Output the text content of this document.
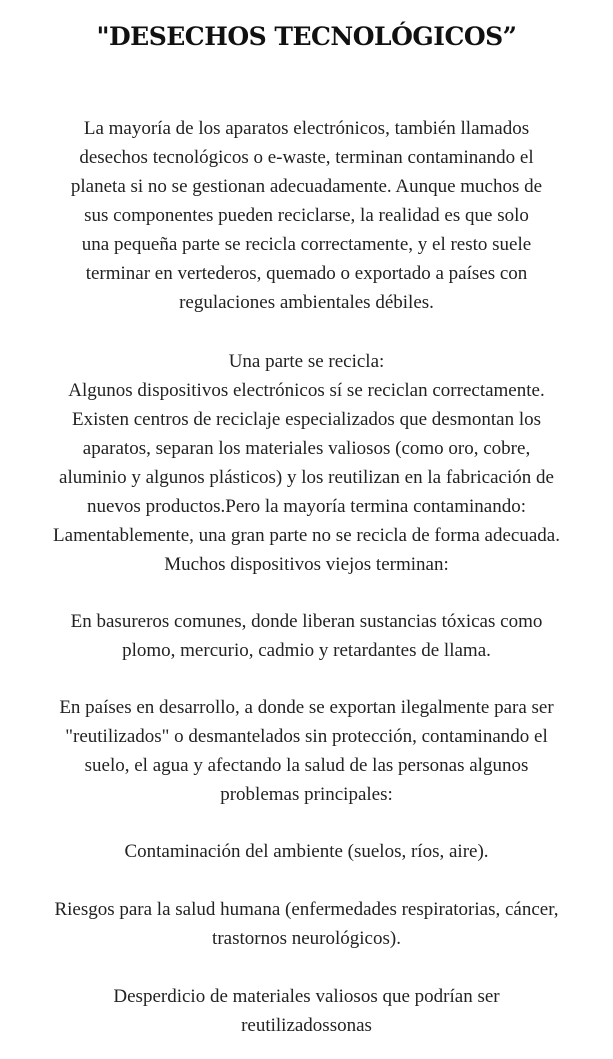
"DESECHOS TECNOLÓGICOS”

La mayoría de los aparatos electrónicos, también llamados
desechos tecnológicos o e-waste, terminan contaminando el
planeta si no se gestionan adecuadamente. Aunque muchos de
sus componentes pueden reciclarse, la realidad es que solo
una pequeña parte se recicla correctamente, y el resto suele
terminar en vertederos, quemado o exportado a países con
regulaciones ambientales débiles.

Una parte se recicla:
Algunos dispositivos electrónicos sí se reciclan correctamente.
Existen centros de reciclaje especializados que desmontan los
aparatos, separan los materiales valiosos (como oro, cobre,
aluminio y algunos plásticos) y los reutilizan en la fabricación de
nuevos productos.Pero la mayoría termina contaminando:
Lamentablemente, una gran parte no se recicla de forma adecuada.
Muchos dispositivos viejos terminan:

En basureros comunes, donde liberan sustancias tóxicas como
plomo, mercurio, cadmio y retardantes de llama.

En países en desarrollo, a donde se exportan ilegalmente para ser
"reutilizados" o desmantelados sin protección, contaminando el
suelo, el agua y afectando la salud de las personas algunos
problemas principales:

Contaminación del ambiente (suelos, ríos, aire).

Riesgos para la salud humana (enfermedades respiratorias, cáncer,
trastornos neurológicos).

Desperdicio de materiales valiosos que podrían ser
reutilizadossonas
